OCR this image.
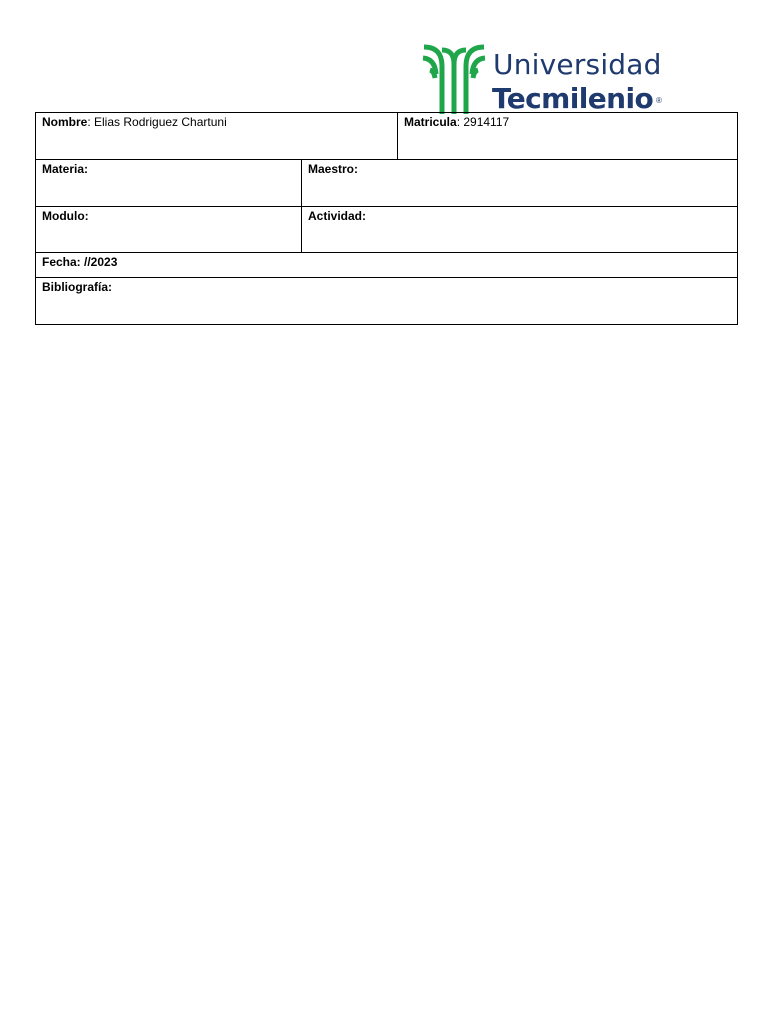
Universidad
Tecmilenio ®
Nombre: Elias Rodriguez Chartuni		Matricula: 2914117
Materia:	Maestro:	
Modulo:	Actividad:	
Fecha: //2023		
Bibliografía:		
